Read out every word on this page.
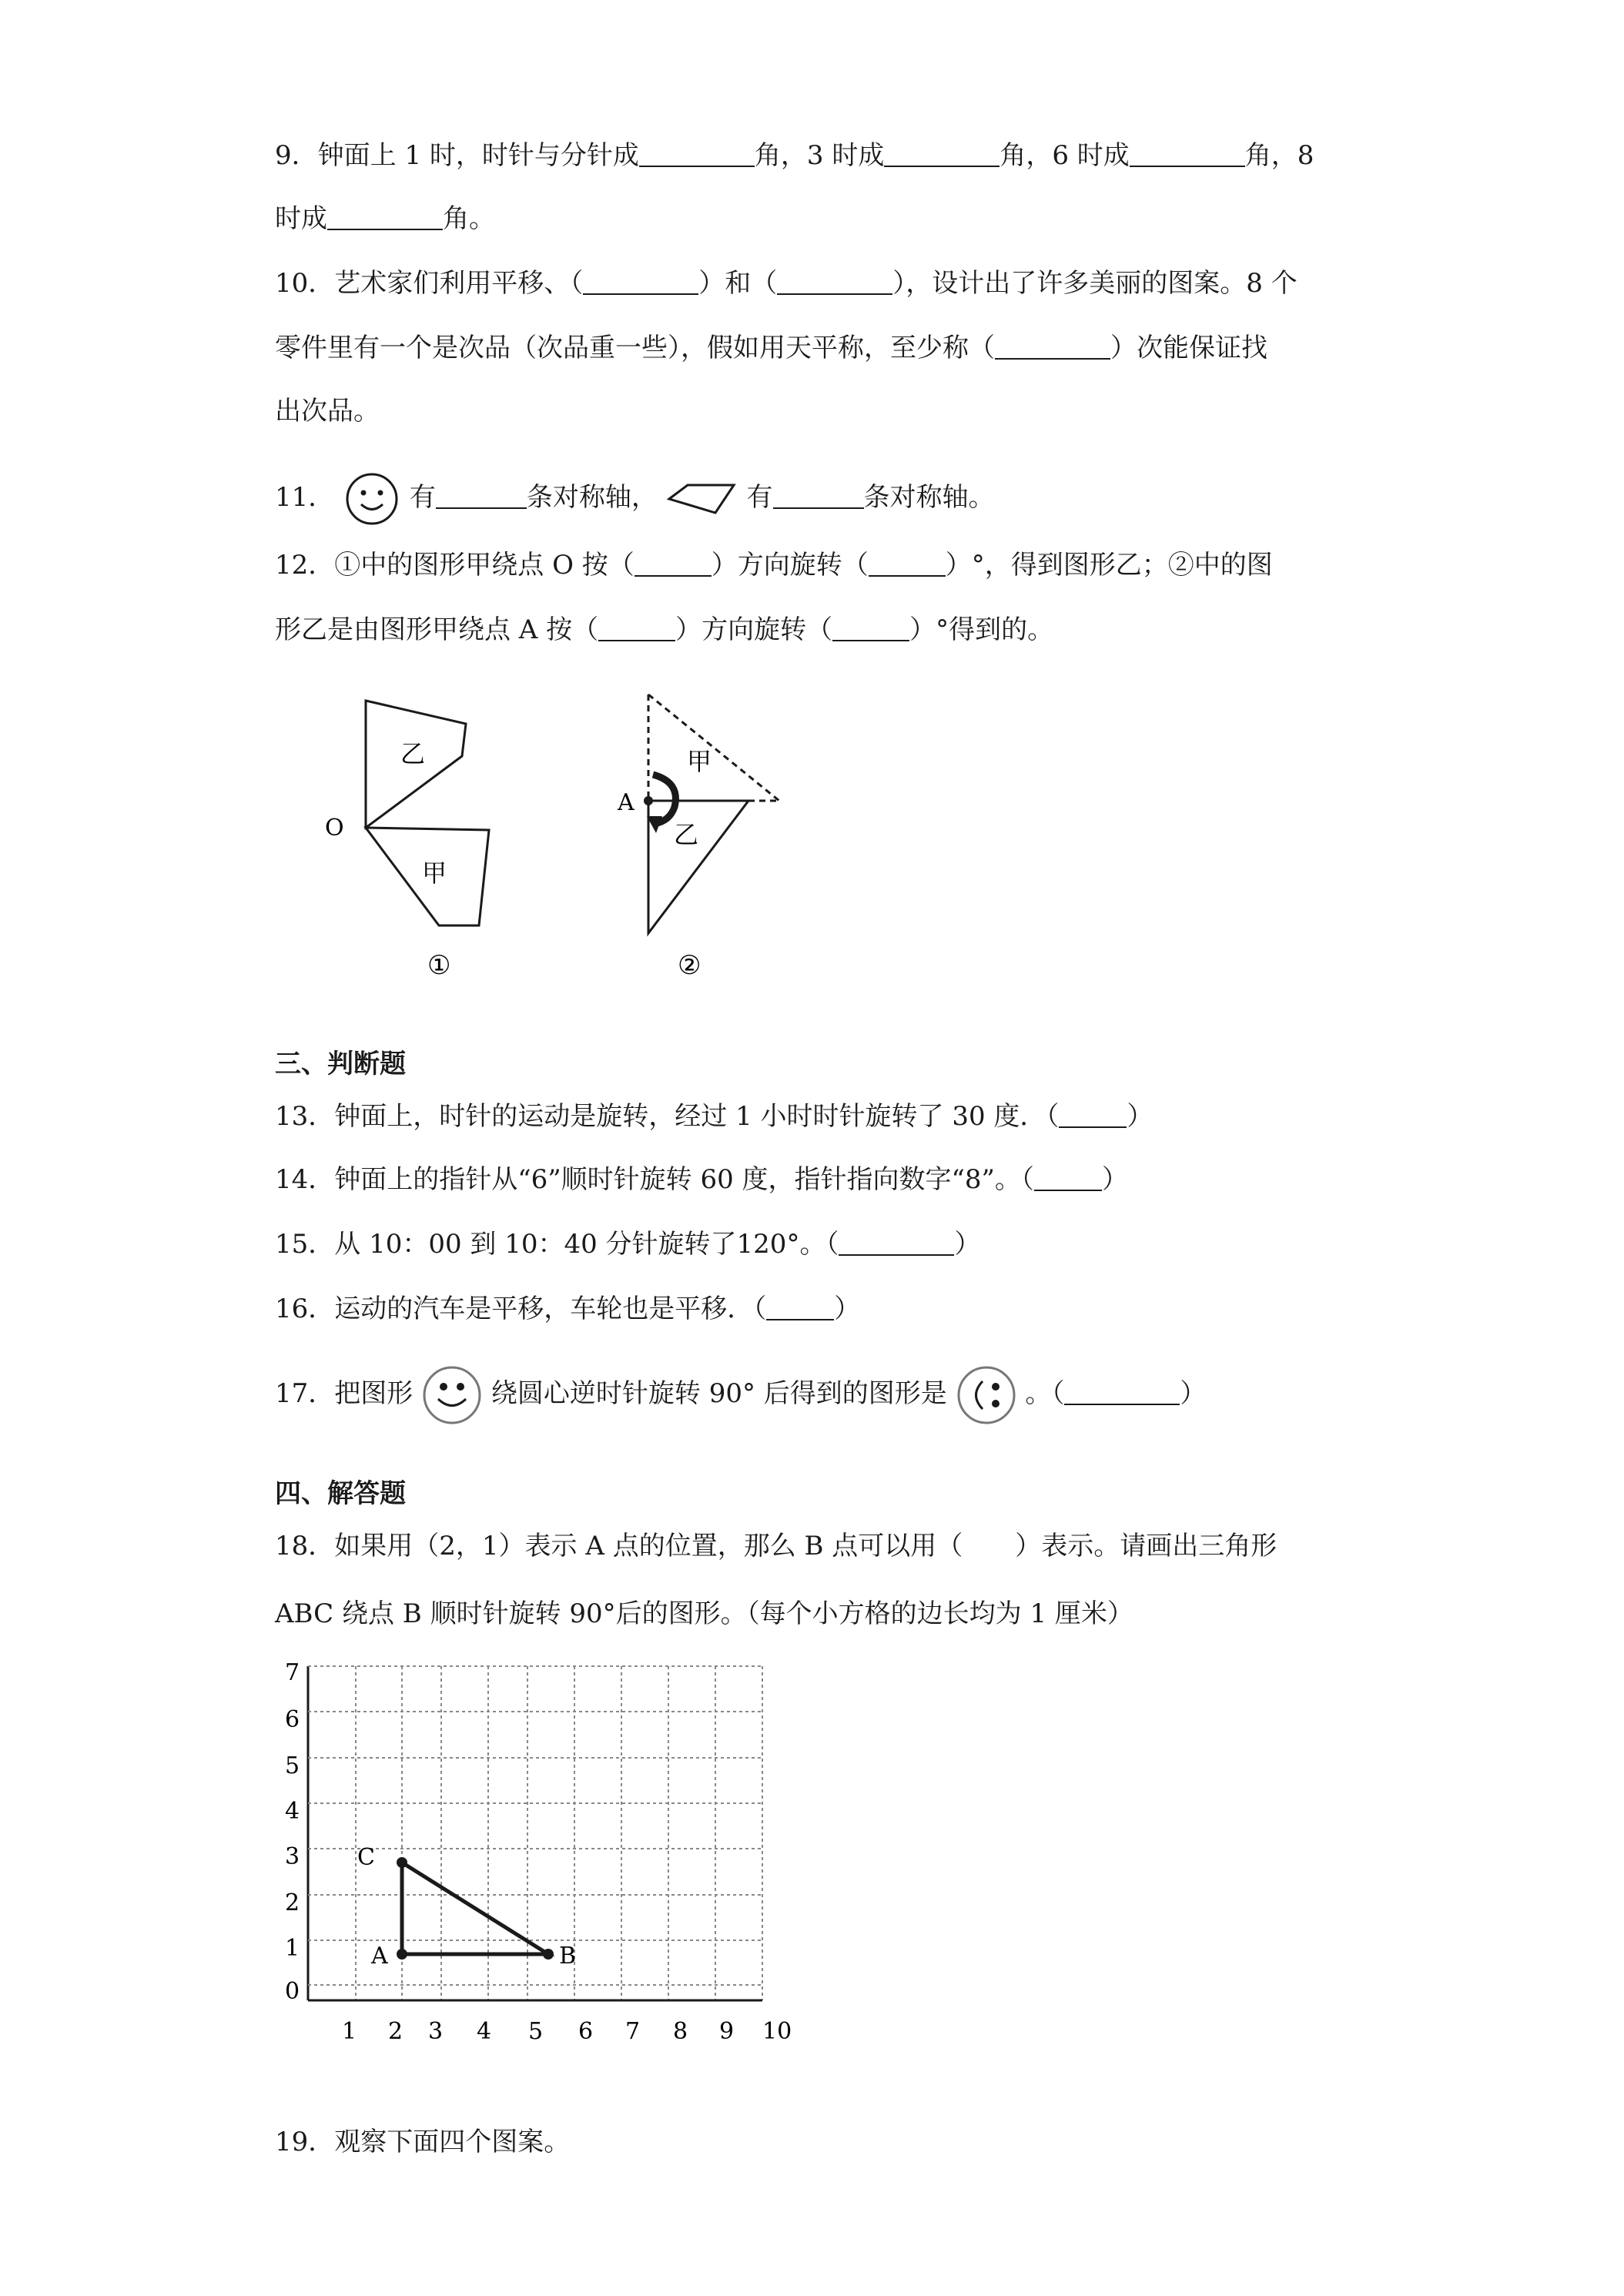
9．钟面上 1 时，时针与分针成	角，3 时成	角，6 时成	角，8
时成	角。
10．艺术家们利用平移、（	）和（	），设计出了许多美丽的图案。8 个
零件里有一个是次品（次品重一些），假如用天平称，至少称（	）次能保证找
出次品。
11．	有	条对称轴，	有	条对称轴。
12．①中的图形甲绕点 O 按（	）方向旋转（	）°，得到图形乙；②中的图
形乙是由图形甲绕点 A 按（	）方向旋转（	）°得到的。
乙
甲
O
①
甲
乙
A
②
三、判断题
13．钟面上，时针的运动是旋转，经过 1 小时时针旋转了 30 度．（	）
14．钟面上的指针从“6”顺时针旋转 60 度，指针指向数字“8”。（	）
15．从 10：00 到 10：40 分针旋转了120°。（	）
16．运动的汽车是平移，车轮也是平移．（	）
17．把图形	绕圆心逆时针旋转 90° 后得到的图形是	。（	）
四、解答题
18．如果用（2，1）表示 A 点的位置，那么 B 点可以用（　　）表示。请画出三角形
ABC 绕点 B 顺时针旋转 90°后的图形。（每个小方格的边长均为 1 厘米）
7
6
5
4
3
2
1
0
1 2 3 4 5 6 7 8 9 10
A	B
C
19．观察下面四个图案。
